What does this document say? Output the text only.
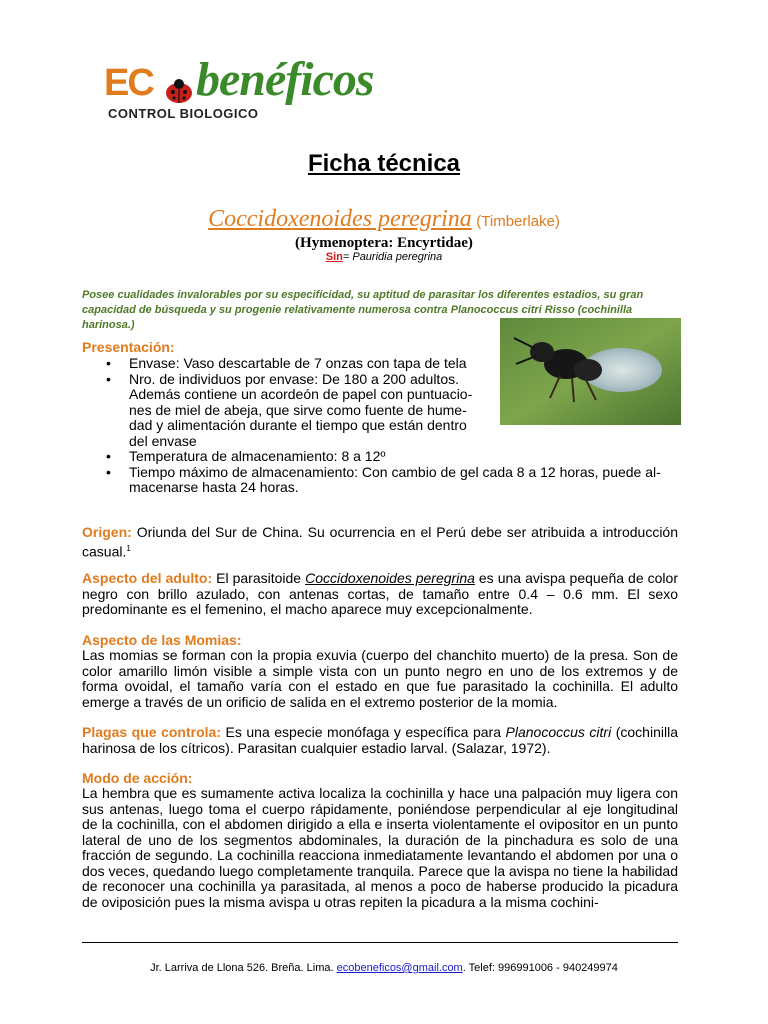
EC benéficos
CONTROL BIOLOGICO
Ficha técnica
Coccidoxenoides peregrina (Timberlake)
(Hymenoptera: Encyrtidae)
Sin= Pauridia peregrina
Posee cualidades invalorables por su especificidad, su aptitud de parasitar los diferentes estadios, su gran capacidad de búsqueda y su progenie relativamente numerosa contra Planococcus citri Risso (cochinilla harinosa.)
Presentación:
• Envase: Vaso descartable de 7 onzas con tapa de tela
• Nro. de individuos por envase: De 180 a 200 adultos.
Además contiene un acordeón de papel con puntuacio-
nes de miel de abeja, que sirve como fuente de hume-
dad y alimentación durante el tiempo que están dentro
del envase
• Temperatura de almacenamiento: 8 a 12º
• Tiempo máximo de almacenamiento: Con cambio de gel cada 8 a 12 horas, puede al-
macenarse hasta 24 horas.
Origen: Oriunda del Sur de China. Su ocurrencia en el Perú debe ser atribuida a introducción casual.$^1$
Aspecto del adulto: El parasitoide Coccidoxenoides peregrina es una avispa pequeña de color negro con brillo azulado, con antenas cortas, de tamaño entre 0.4 – 0.6 mm. El sexo predominante es el femenino, el macho aparece muy excepcionalmente.
Aspecto de las Momias:
Las momias se forman con la propia exuvia (cuerpo del chanchito muerto) de la presa. Son de color amarillo limón visible a simple vista con un punto negro en uno de los extremos y de forma ovoidal, el tamaño varía con el estado en que fue parasitado la cochinilla. El adulto emerge a través de un orificio de salida en el extremo posterior de la momia.
Plagas que controla: Es una especie monófaga y específica para Planococcus citri (cochinilla harinosa de los cítricos). Parasitan cualquier estadio larval. (Salazar, 1972).
Modo de acción:
La hembra que es sumamente activa localiza la cochinilla y hace una palpación muy ligera con sus antenas, luego toma el cuerpo rápidamente, poniéndose perpendicular al eje longitudinal de la cochinilla, con el abdomen dirigido a ella e inserta violentamente el ovipositor en un punto lateral de uno de los segmentos abdominales, la duración de la pinchadura es solo de una fracción de segundo. La cochinilla reacciona inmediatamente levantando el abdomen por una o dos veces, quedando luego completamente tranquila. Parece que la avispa no tiene la habilidad de reconocer una cochinilla ya parasitada, al menos a poco de haberse producido la picadura de oviposición pues la misma avispa u otras repiten la picadura a la misma cochini-
Jr. Larriva de Llona 526. Breña. Lima. ecobeneficos@gmail.com. Telef: 996991006 - 940249974
